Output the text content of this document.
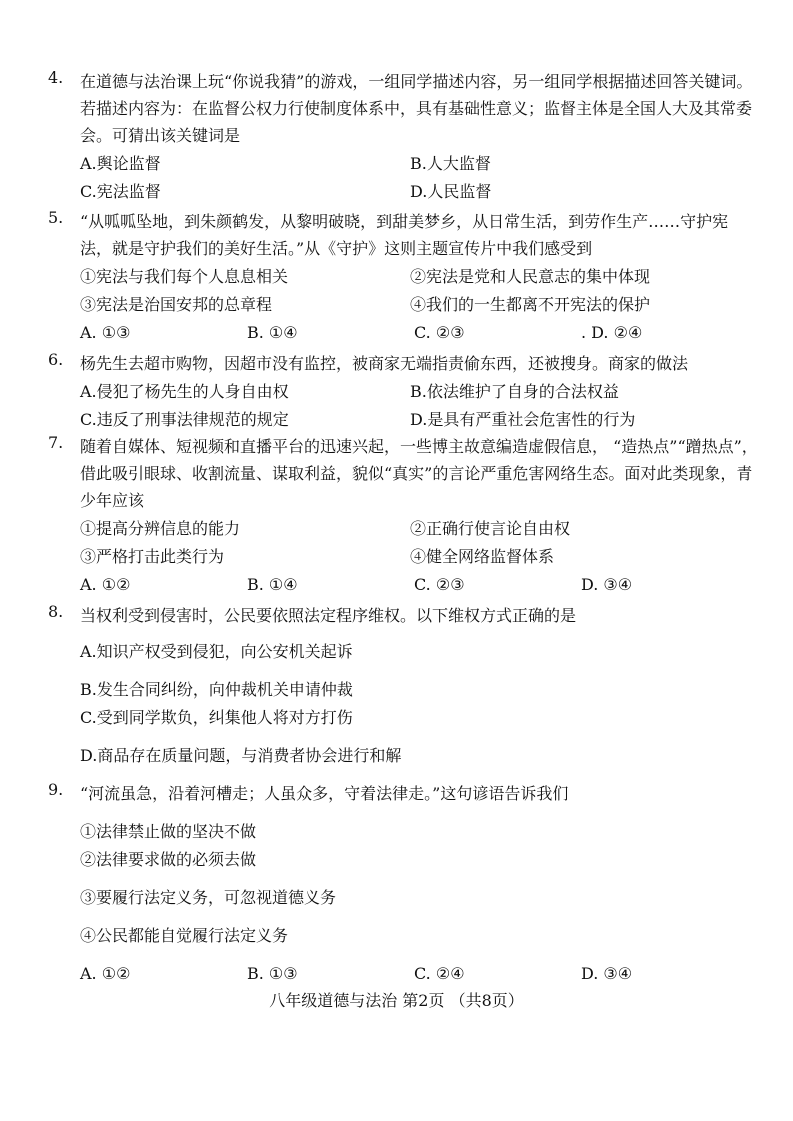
4.	在道德与法治课上玩“你说我猜”的游戏，一组同学描述内容，另一组同学根据描述回答关键词。若描述内容为：在监督公权力行使制度体系中，具有基础性意义；监督主体是全国人大及其常委会。可猜出该关键词是
A.舆论监督	B.人大监督
C.宪法监督	D.人民监督
5.	“从呱呱坠地，到朱颜鹤发，从黎明破晓，到甜美梦乡，从日常生活，到劳作生产……守护宪法，就是守护我们的美好生活。”从《守护》这则主题宣传片中我们感受到
①宪法与我们每个人息息相关	②宪法是党和人民意志的集中体现
③宪法是治国安邦的总章程	④我们的一生都离不开宪法的保护
A. ①③	B. ①④	C. ②③	. D. ②④
6.	杨先生去超市购物，因超市没有监控，被商家无端指责偷东西，还被搜身。商家的做法
A.侵犯了杨先生的人身自由权	B.依法维护了自身的合法权益
C.违反了刑事法律规范的规定	D.是具有严重社会危害性的行为
7.	随着自媒体、短视频和直播平台的迅速兴起，一些博主故意编造虚假信息， “造热点”“蹭热点”，借此吸引眼球、收割流量、谋取利益，貌似“真实”的言论严重危害网络生态。面对此类现象，青少年应该
①提高分辨信息的能力	②正确行使言论自由权
③严格打击此类行为	④健全网络监督体系
A. ①②	B. ①④	C. ②③	D. ③④
8.	当权利受到侵害时，公民要依照法定程序维权。以下维权方式正确的是
A.知识产权受到侵犯，向公安机关起诉
B.发生合同纠纷，向仲裁机关申请仲裁
C.受到同学欺负，纠集他人将对方打伤
D.商品存在质量问题，与消费者协会进行和解
9.	“河流虽急，沿着河槽走；人虽众多，守着法律走。”这句谚语告诉我们
①法律禁止做的坚决不做
②法律要求做的必须去做
③要履行法定义务，可忽视道德义务
④公民都能自觉履行法定义务
A. ①②	B. ①③	C. ②④	D. ③④
八年级道德与法治 第2页 （共8页）
